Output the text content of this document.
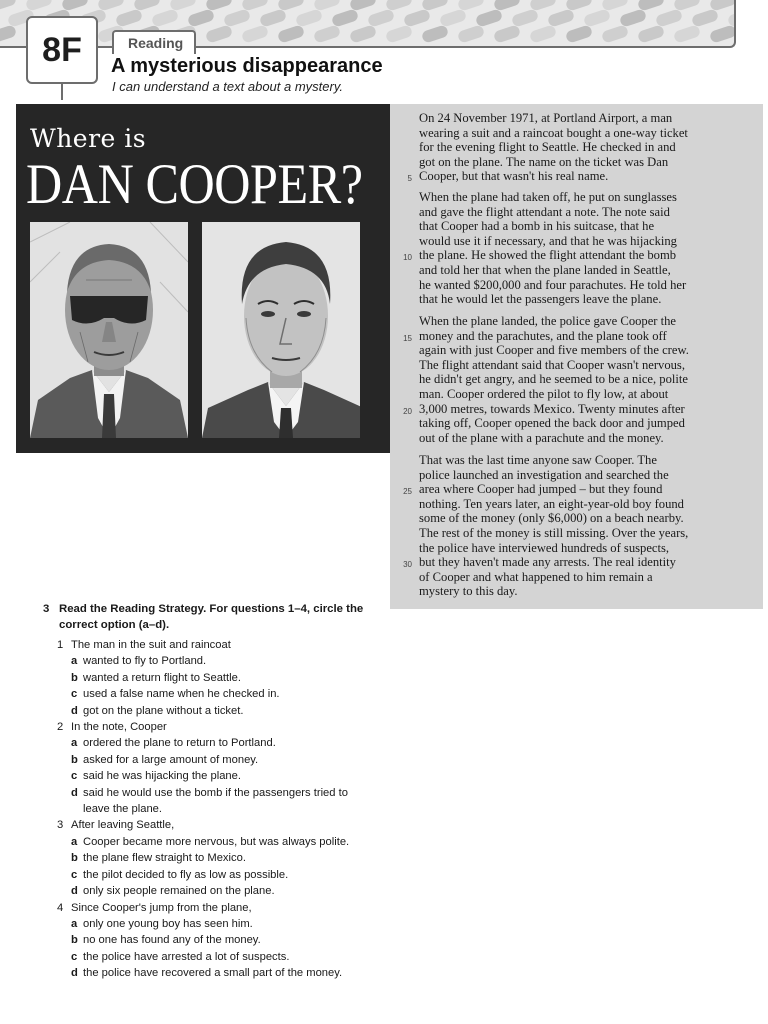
8F	Reading
A mysterious disappearance
I can understand a text about a mystery.
Where is
DAN COOPER?
On 24 November 1971, at Portland Airport, a man
wearing a suit and a raincoat bought a one-way ticket
for the evening flight to Seattle. He checked in and
got on the plane. The name on the ticket was Dan
5 Cooper, but that wasn't his real name.
When the plane had taken off, he put on sunglasses
and gave the flight attendant a note. The note said
that Cooper had a bomb in his suitcase, that he
would use it if necessary, and that he was hijacking
10 the plane. He showed the flight attendant the bomb
and told her that when the plane landed in Seattle,
he wanted $200,000 and four parachutes. He told her
that he would let the passengers leave the plane.
When the plane landed, the police gave Cooper the
15 money and the parachutes, and the plane took off
again with just Cooper and five members of the crew.
The flight attendant said that Cooper wasn't nervous,
he didn't get angry, and he seemed to be a nice, polite
man. Cooper ordered the pilot to fly low, at about
20 3,000 metres, towards Mexico. Twenty minutes after
taking off, Cooper opened the back door and jumped
out of the plane with a parachute and the money.
That was the last time anyone saw Cooper. The
police launched an investigation and searched the
25 area where Cooper had jumped – but they found
nothing. Ten years later, an eight-year-old boy found
some of the money (only $6,000) on a beach nearby.
The rest of the money is still missing. Over the years,
the police have interviewed hundreds of suspects,
30 but they haven't made any arrests. The real identity
of Cooper and what happened to him remain a
mystery to this day.
3 Read the Reading Strategy. For questions 1–4, circle the
correct option (a–d).
1 The man in the suit and raincoat
a wanted to fly to Portland.
b wanted a return flight to Seattle.
c used a false name when he checked in.
d got on the plane without a ticket.
2 In the note, Cooper
a ordered the plane to return to Portland.
b asked for a large amount of money.
c said he was hijacking the plane.
d said he would use the bomb if the passengers tried to leave the plane.
3 After leaving Seattle,
a Cooper became more nervous, but was always polite.
b the plane flew straight to Mexico.
c the pilot decided to fly as low as possible.
d only six people remained on the plane.
4 Since Cooper's jump from the plane,
a only one young boy has seen him.
b no one has found any of the money.
c the police have arrested a lot of suspects.
d the police have recovered a small part of the money.
